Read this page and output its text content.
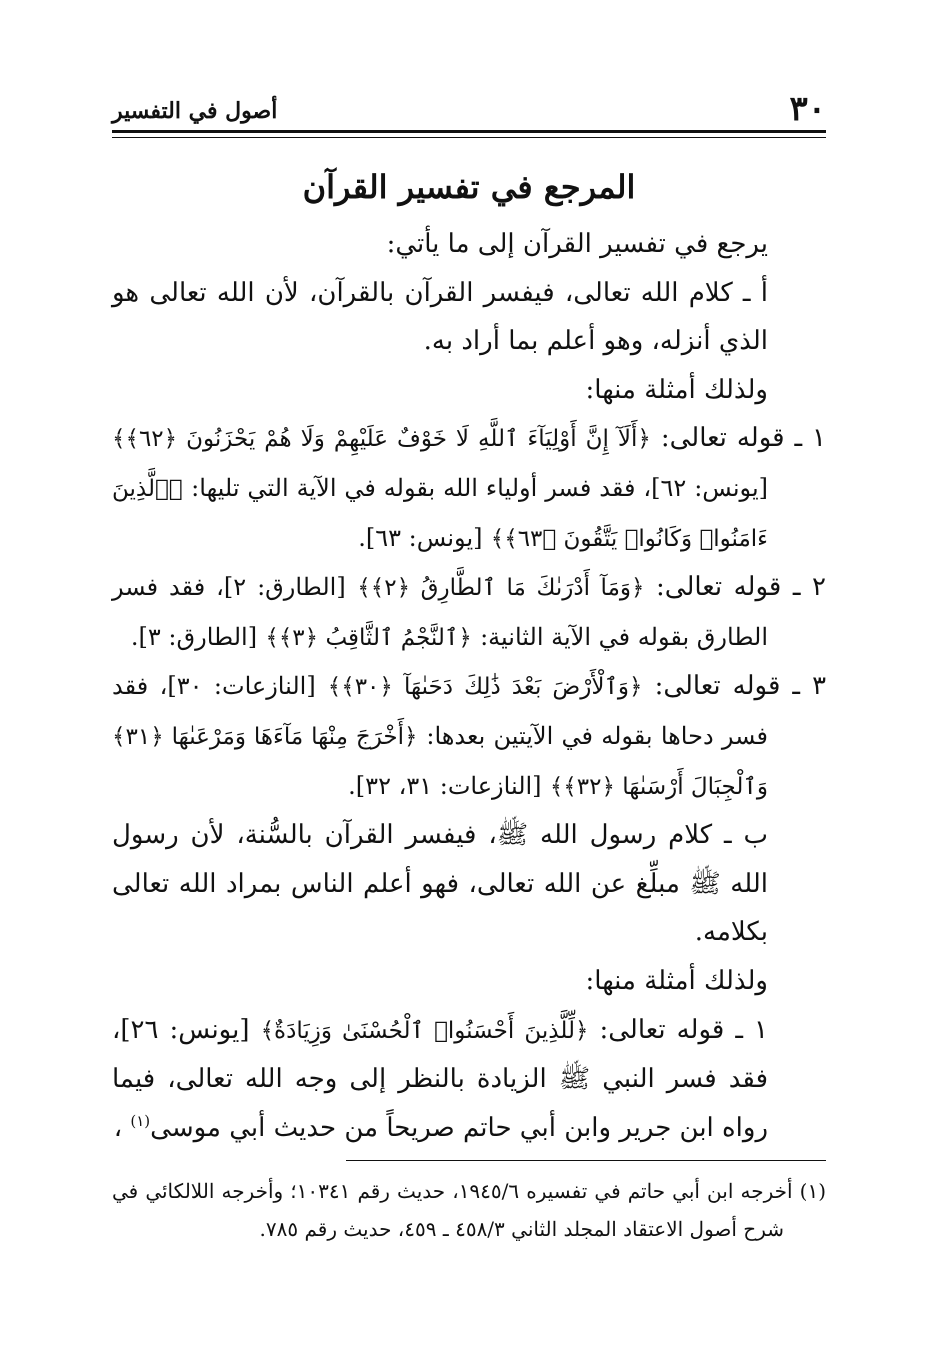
٣٠
أصول في التفسير
المرجع في تفسير القرآن

يرجع في تفسير القرآن إلى ما يأتي:

أ ـ كلام الله تعالى، فيفسر القرآن بالقرآن، لأن الله تعالى هو الذي أنزله، وهو أعلم بما أراد به.

ولذلك أمثلة منها:

١ ـ قوله تعالى: ﴿أَلَآ إِنَّ أَوْلِيَآءَ ٱللَّهِ لَا خَوْفٌ عَلَيْهِمْ وَلَا هُمْ يَحْزَنُونَ ﴿٦٢﴾﴾ [يونس: ٦٢]، فقد فسر أولياء الله بقوله في الآية التي تليها: ﴿ٱلَّذِينَ ءَامَنُوا۟ وَكَانُوا۟ يَتَّقُونَ ﴿٦٣﴾﴾ [يونس: ٦٣].

٢ ـ قوله تعالى: ﴿وَمَآ أَدْرَىٰكَ مَا ٱلطَّارِقُ ﴿٢﴾﴾ [الطارق: ٢]، فقد فسر الطارق بقوله في الآية الثانية: ﴿ٱلنَّجْمُ ٱلثَّاقِبُ ﴿٣﴾﴾ [الطارق: ٣].

٣ ـ قوله تعالى: ﴿وَٱلْأَرْضَ بَعْدَ ذَٰلِكَ دَحَىٰهَآ ﴿٣٠﴾﴾ [النازعات: ٣٠]، فقد فسر دحاها بقوله في الآيتين بعدها: ﴿أَخْرَجَ مِنْهَا مَآءَهَا وَمَرْعَىٰهَا ﴿٣١﴾ وَٱلْجِبَالَ أَرْسَىٰهَا ﴿٣٢﴾﴾ [النازعات: ٣١، ٣٢].

ب ـ كلام رسول الله ﷺ، فيفسر القرآن بالسُّنة، لأن رسول الله ﷺ مبلِّغ عن الله تعالى، فهو أعلم الناس بمراد الله تعالى بكلامه.

ولذلك أمثلة منها:

١ ـ قوله تعالى: ﴿لِّلَّذِينَ أَحْسَنُوا۟ ٱلْحُسْنَىٰ وَزِيَادَةٌ﴾ [يونس: ٢٦]، فقد فسر النبي ﷺ الزيادة بالنظر إلى وجه الله تعالى، فيما رواه ابن جرير وابن أبي حاتم صريحاً من حديث أبي موسى$^{(١)}$ ،

(١) أخرجه ابن أبي حاتم في تفسيره ١٩٤٥/٦، حديث رقم ١٠٣٤١؛ وأخرجه اللالكائي في شرح أصول الاعتقاد المجلد الثاني ٤٥٨/٣ ـ ٤٥٩، حديث رقم ٧٨٥.
